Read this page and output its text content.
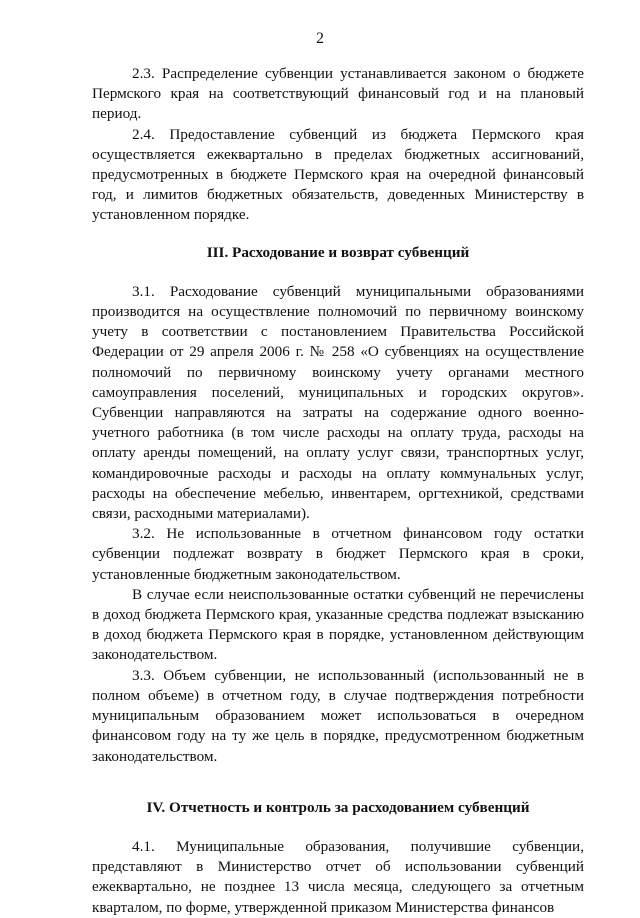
2

2.3. Распределение субвенции устанавливается законом о бюджете Пермского края на соответствующий финансовый год и на плановый период.

2.4. Предоставление субвенций из бюджета Пермского края осуществляется ежеквартально в пределах бюджетных ассигнований, предусмотренных в бюджете Пермского края на очередной финансовый год, и лимитов бюджетных обязательств, доведенных Министерству в установленном порядке.

III. Расходование и возврат субвенций

3.1. Расходование субвенций муниципальными образованиями производится на осуществление полномочий по первичному воинскому учету в соответствии с постановлением Правительства Российской Федерации от 29 апреля 2006 г. № 258 «О субвенциях на осуществление полномочий по первичному воинскому учету органами местного самоуправления поселений, муниципальных и городских округов». Субвенции направляются на затраты на содержание одного военно-учетного работника (в том числе расходы на оплату труда, расходы на оплату аренды помещений, на оплату услуг связи, транспортных услуг, командировочные расходы и расходы на оплату коммунальных услуг, расходы на обеспечение мебелью, инвентарем, оргтехникой, средствами связи, расходными материалами).

3.2. Не использованные в отчетном финансовом году остатки субвенции подлежат возврату в бюджет Пермского края в сроки, установленные бюджетным законодательством.

В случае если неиспользованные остатки субвенций не перечислены в доход бюджета Пермского края, указанные средства подлежат взысканию в доход бюджета Пермского края в порядке, установленном действующим законодательством.

3.3. Объем субвенции, не использованный (использованный не в полном объеме) в отчетном году, в случае подтверждения потребности муниципальным образованием может использоваться в очередном финансовом году на ту же цель в порядке, предусмотренном бюджетным законодательством.

IV. Отчетность и контроль за расходованием субвенций

4.1. Муниципальные образования, получившие субвенции, представляют в Министерство отчет об использовании субвенций ежеквартально, не позднее 13 числа месяца, следующего за отчетным кварталом, по форме, утвержденной приказом Министерства финансов
